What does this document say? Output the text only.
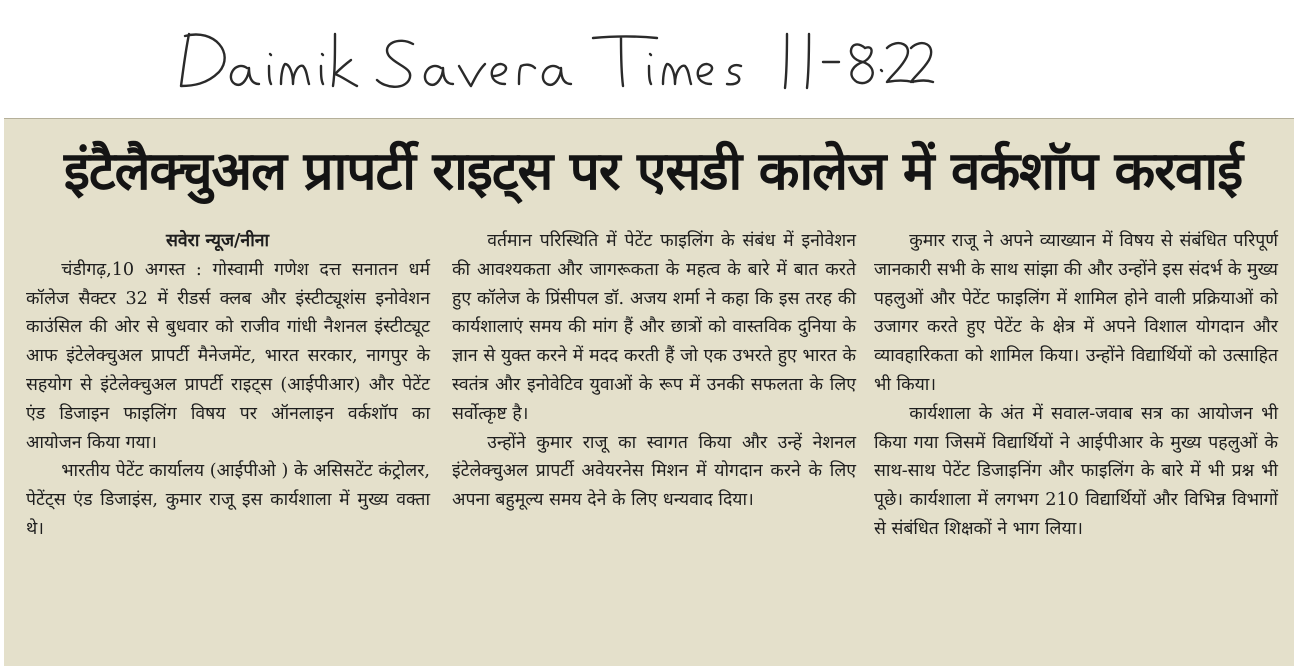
इंटैलैक्चुअल प्रापर्टी राइट्स पर एसडी कालेज में वर्कशॉप करवाई

सवेरा न्यूज/नीना

चंडीगढ़,10 अगस्त : गोस्वामी गणेश दत्त सनातन धर्म कॉलेज सैक्टर 32 में रीडर्स क्लब और इंस्टीट्यूशंस इनोवेशन काउंसिल की ओर से बुधवार को राजीव गांधी नैशनल इंस्टीट्यूट आफ इंटेलेक्चुअल प्रापर्टी मैनेजमेंट, भारत सरकार, नागपुर के सहयोग से इंटेलेक्चुअल प्रापर्टी राइट्स (आईपीआर) और पेटेंट एंड डिजाइन फाइलिंग विषय पर ऑनलाइन वर्कशॉप का आयोजन किया गया।

भारतीय पेटेंट कार्यालय (आईपीओ ) के असिसटेंट कंट्रोलर, पेटेंट्स एंड डिजाइंस, कुमार राजू इस कार्यशाला में मुख्य वक्ता थे।

वर्तमान परिस्थिति में पेटेंट फाइलिंग के संबंध में इनोवेशन की आवश्यकता और जागरूकता के महत्व के बारे में बात करते हुए कॉलेज के प्रिंसीपल डॉ. अजय शर्मा ने कहा कि इस तरह की कार्यशालाएं समय की मांग हैं और छात्रों को वास्तविक दुनिया के ज्ञान से युक्त करने में मदद करती हैं जो एक उभरते हुए भारत के स्वतंत्र और इनोवेटिव युवाओं के रूप में उनकी सफलता के लिए सर्वोत्कृष्ट है।

उन्होंने कुमार राजू का स्वागत किया और उन्हें नेशनल इंटेलेक्चुअल प्रापर्टी अवेयरनेस मिशन में योगदान करने के लिए अपना बहुमूल्य समय देने के लिए धन्यवाद दिया।

कुमार राजू ने अपने व्याख्यान में विषय से संबंधित परिपूर्ण जानकारी सभी के साथ सांझा की और उन्होंने इस संदर्भ के मुख्य पहलुओं और पेटेंट फाइलिंग में शामिल होने वाली प्रक्रियाओं को उजागर करते हुए पेटेंट के क्षेत्र में अपने विशाल योगदान और व्यावहारिकता को शामिल किया। उन्होंने विद्यार्थियों को उत्साहित भी किया।

कार्यशाला के अंत में सवाल-जवाब सत्र का आयोजन भी किया गया जिसमें विद्यार्थियों ने आईपीआर के मुख्य पहलुओं के साथ-साथ पेटेंट डिजाइनिंग और फाइलिंग के बारे में भी प्रश्न भी पूछे। कार्यशाला में लगभग 210 विद्यार्थियों और विभिन्न विभागों से संबंधित शिक्षकों ने भाग लिया।
